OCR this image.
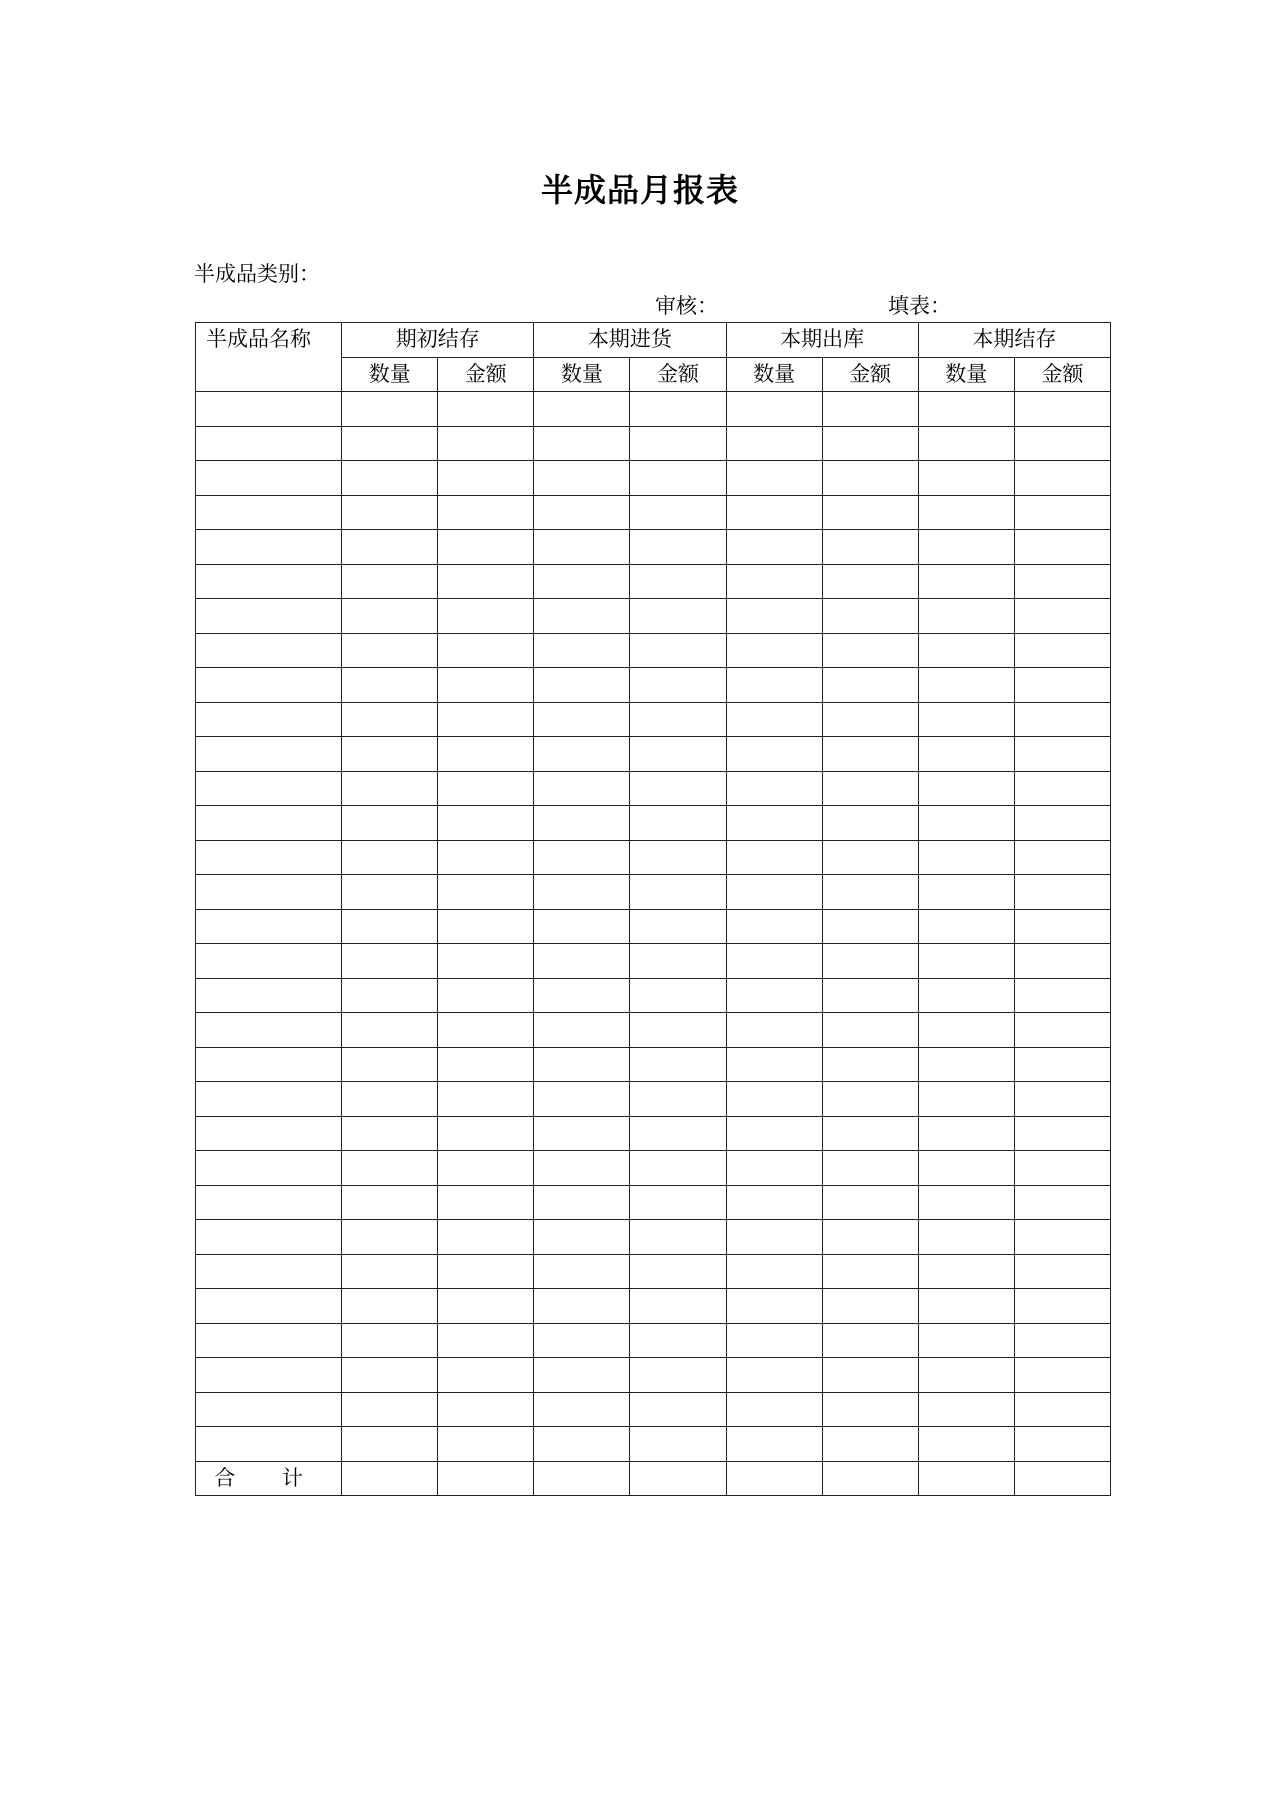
半成品月报表
半成品类别：
审核：	填表：
半成品名称	期初结存		本期进货		本期出库		本期结存	
	数量	金额	数量	金额	数量	金额	数量	金额

合 计								
